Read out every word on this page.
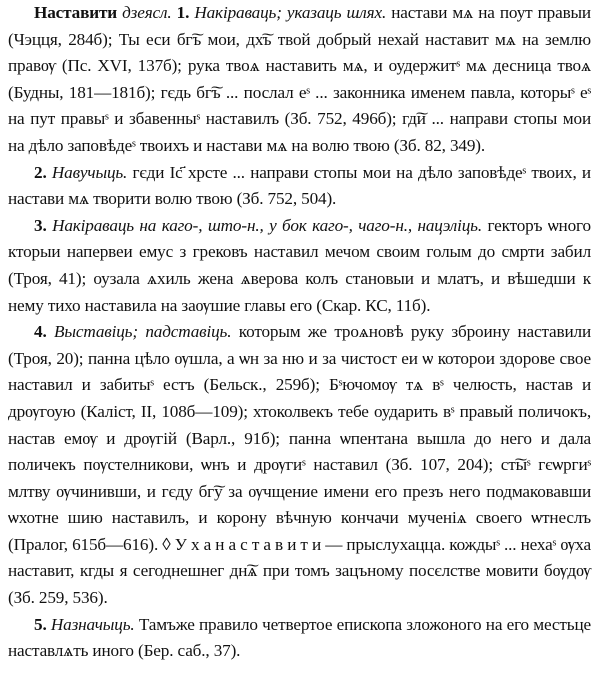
Наставити дзеясл. 1. Накіраваць; указаць шлях. настави мѧ на поут правыи (Чэцця, 284б); Ты еси бг͠ъ мои, дх͠ъ твой добрый нехай наставит мѧ на землю правѹ (Пс. XVI, 137б); рука твоѧ наставить мѧ, и оудержитˢ мѧ десница твоѧ (Будны, 181—181б); гєдь бг͠ъ ... послал еˢ ... законника именем павла, которыˢ еˢ на пут правыˢ и збавенныˢ наставилъ (Зб. 752, 496б); гд͠и ... направи стопы мои на дѣло заповѣдеˢ твоихъ и настави мѧ на волю твою (Зб. 82, 349).

2. Навучыць. гєди Іс҃ хрсте ... направи стопы мои на дѣло заповѣдеˢ твоих, и настави мѧ творити волю твою (Зб. 752, 504).

3. Накіраваць на каго-, што-н., у бок каго-, чаго-н., нацэліць. гекторъ ѡного кторыи напервеи емус з грековъ наставил мечом своим голым до смрти забил (Троя, 41); оузала ѧхиль жена ѧверова колъ становыи и млатъ, и вѣшедши к нему тихо наставила на заѹшие главы его (Скар. КС, 11б).

4. Выставіць; падставіць. которым же троѧновѣ руку зброину наставили (Троя, 20); панна цѣло ѹшла, а ѡн за ню и за чистост еи ѡ которои здорове свое наставил и забитыˢ естъ (Бельск., 259б); Бˢючомѹ тѧ вˢ челюсть, настав и дрѹгоую (Калiст, II, 108б—109); хтоколвекъ тебе оударить вˢ правый поличокъ, настав емѹ и дрѹгій (Варл., 91б); панна ѡпентана вышла до него и дала поличекъ пѹстелникови, ѡнъ и дрѹгиˢ наставил (Зб. 107, 204); ст͠ыˢ гєѡргиˢ млтву ѹчинивши, и гєду бг͠у за ѹчщение имени его презъ него подмаковавши ѡхотне шию наставилъ, и корону вѣчную кончачи мученіѧ своего ѡтнеслъ (Пралог, 615б—616). ◊ У х а н а с т а в и т и — прыслухацца. кождыˢ ... нехаˢ ѹха наставит, кгды я сегоднешнег дн͠ѧ при томъ зацъному посєлстве мовити бѹдѹ (Зб. 259, 536).

5. Назначыць. Тамъже правило четвертое епископа зложоного на его местьце наставлѧть иного (Бер. саб., 37).
